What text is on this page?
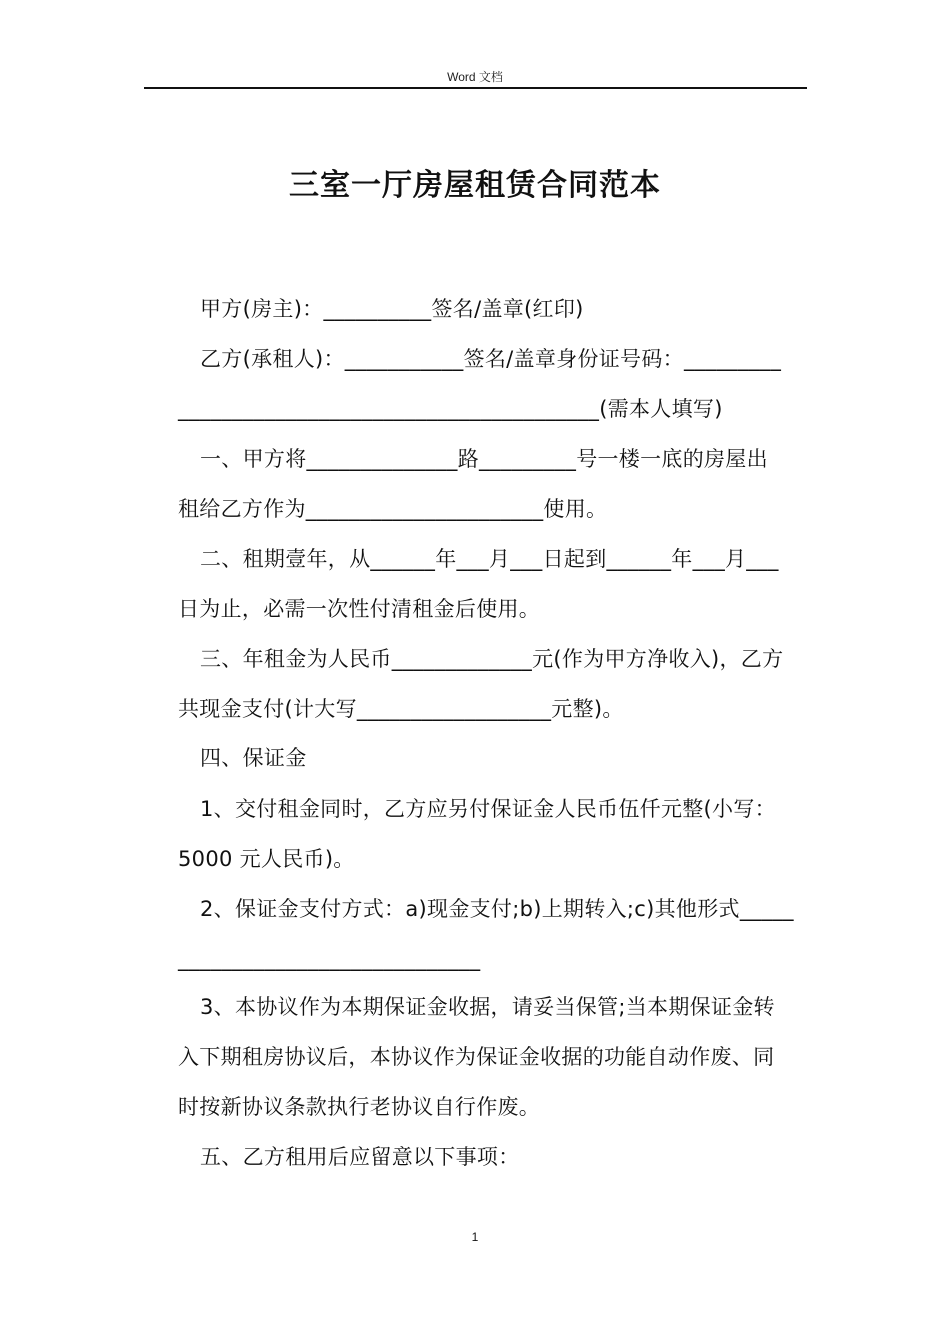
Word 文档
三室一厅房屋租赁合同范本
甲方(房主)：__________签名/盖章(红印)
乙方(承租人)：___________签名/盖章身份证号码：_________
_______________________________________(需本人填写)
一、甲方将______________路_________号一楼一底的房屋出
租给乙方作为______________________使用。
二、租期壹年，从______年___月___日起到______年___月___
日为止，必需一次性付清租金后使用。
三、年租金为人民币_____________元(作为甲方净收入)，乙方
共现金支付(计大写__________________元整)。
四、保证金
1、交付租金同时，乙方应另付保证金人民币伍仟元整(小写：
5000 元人民币)。
2、保证金支付方式：a)现金支付;b)上期转入;c)其他形式_____
____________________________
3、本协议作为本期保证金收据，请妥当保管;当本期保证金转
入下期租房协议后，本协议作为保证金收据的功能自动作废、同
时按新协议条款执行老协议自行作废。
五、乙方租用后应留意以下事项：
1
